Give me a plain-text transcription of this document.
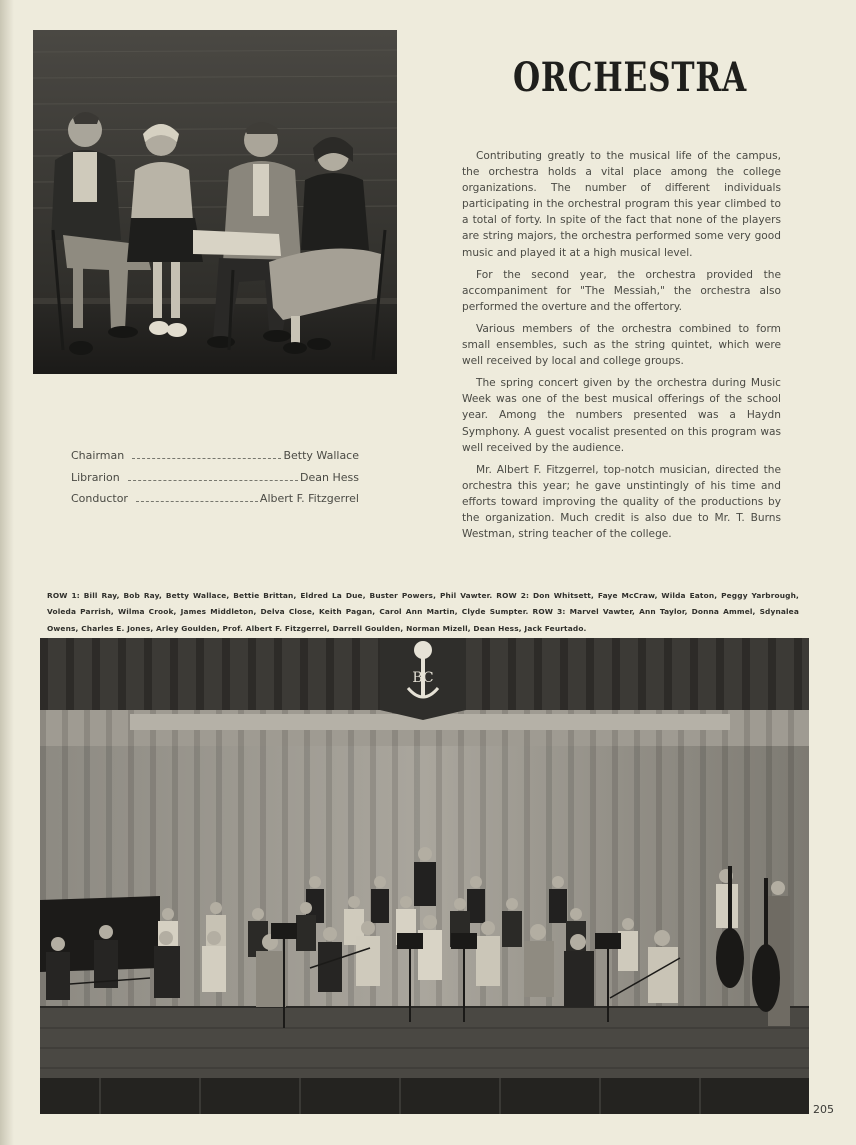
ORCHESTRA

Contributing greatly to the musical life of the campus, the orchestra holds a vital place among the college organizations. The number of different individuals participating in the orchestral program this year climbed to a total of forty. In spite of the fact that none of the players are string majors, the orchestra performed some very good music and played it at a high musical level.

For the second year, the orchestra provided the accompaniment for "The Messiah," the orchestra also performed the overture and the offertory.

Various members of the orchestra combined to form small ensembles, such as the string quintet, which were well received by local and college groups.

The spring concert given by the orchestra during Music Week was one of the best musical offerings of the school year. Among the numbers presented was a Haydn Symphony. A guest vocalist presented on this program was well received by the audience.

Mr. Albert F. Fitzgerrel, top-notch musician, directed the orchestra this year; he gave unstintingly of his time and efforts toward improving the quality of the productions by the organization. Much credit is also due to Mr. T. Burns Westman, string teacher of the college.

Chairman	Betty Wallace
Librarion	Dean Hess
Conductor	Albert F. Fitzgerrel
ROW 1: Bill Ray, Bob Ray, Betty Wallace, Bettie Brittan, Eldred La Due, Buster Powers, Phil Vawter. ROW 2: Don Whitsett, Faye McCraw, Wilda Eaton, Peggy Yarbrough, Voleda Parrish, Wilma Crook, James Middleton, Delva Close, Keith Pagan, Carol Ann Martin, Clyde Sumpter. ROW 3: Marvel Vawter, Ann Taylor, Donna Ammel, Sdynalea Owens, Charles E. Jones, Arley Goulden, Prof. Albert F. Fitzgerrel, Darrell Goulden, Norman Mizell, Dean Hess, Jack Feurtado.
BC
205
